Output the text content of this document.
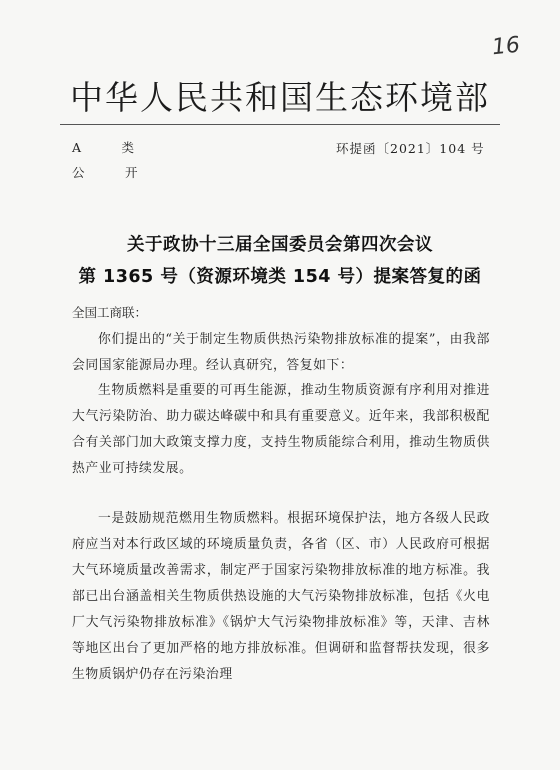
16
中华人民共和国生态环境部
A　类
公　开
环提函〔2021〕104 号
关于政协十三届全国委员会第四次会议
第 1365 号（资源环境类 154 号）提案答复的函
全国工商联：

你们提出的“关于制定生物质供热污染物排放标准的提案”，由我部会同国家能源局办理。经认真研究，答复如下：

生物质燃料是重要的可再生能源，推动生物质资源有序利用对推进大气污染防治、助力碳达峰碳中和具有重要意义。近年来，我部积极配合有关部门加大政策支撑力度，支持生物质能综合利用，推动生物质供热产业可持续发展。

一是鼓励规范燃用生物质燃料。根据环境保护法，地方各级人民政府应当对本行政区域的环境质量负责，各省（区、市）人民政府可根据大气环境质量改善需求，制定严于国家污染物排放标准的地方标准。我部已出台涵盖相关生物质供热设施的大气污染物排放标准，包括《火电厂大气污染物排放标准》《锅炉大气污染物排放标准》等，天津、吉林等地区出台了更加严格的地方排放标准。但调研和监督帮扶发现，很多生物质锅炉仍存在污染治理
